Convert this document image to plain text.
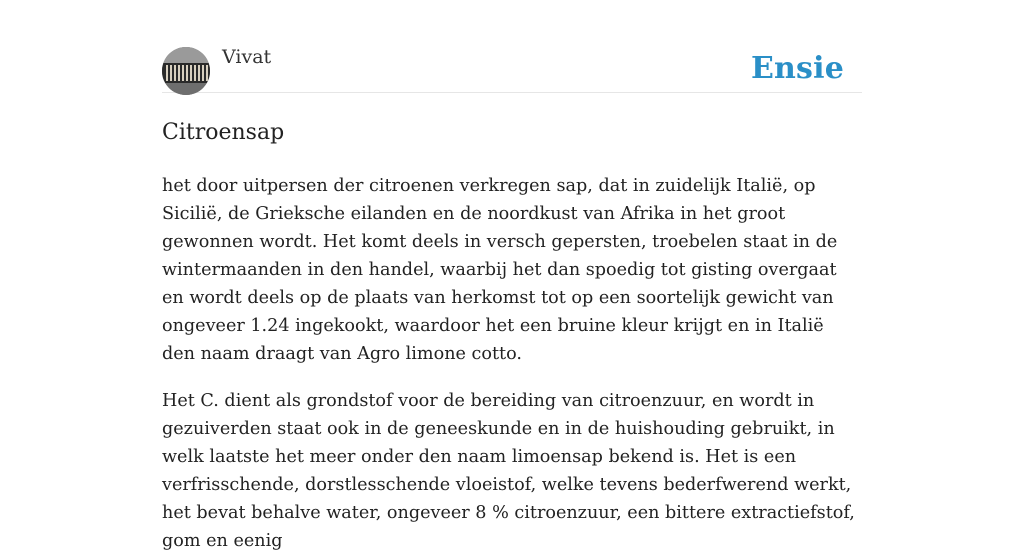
Vivat	Ensie
Citroensap

het door uitpersen der citroenen verkregen sap, dat in zuidelijk Italië, op Sicilië, de Grieksche eilanden en de noordkust van Afrika in het groot gewonnen wordt. Het komt deels in versch gepersten, troebelen staat in de wintermaanden in den handel, waarbij het dan spoedig tot gisting overgaat en wordt deels op de plaats van herkomst tot op een soortelijk gewicht van ongeveer 1.24 ingekookt, waardoor het een bruine kleur krijgt en in Italië den naam draagt van Agro limone cotto.

Het C. dient als grondstof voor de bereiding van citroenzuur, en wordt in gezuiverden staat ook in de geneeskunde en in de huishouding gebruikt, in welk laatste het meer onder den naam limoensap bekend is. Het is een verfrisschende, dorstlesschende vloeistof, welke tevens bederfwerend werkt, het bevat behalve water, ongeveer 8 % citroenzuur, een bittere extractiefstof, gom en eenig
